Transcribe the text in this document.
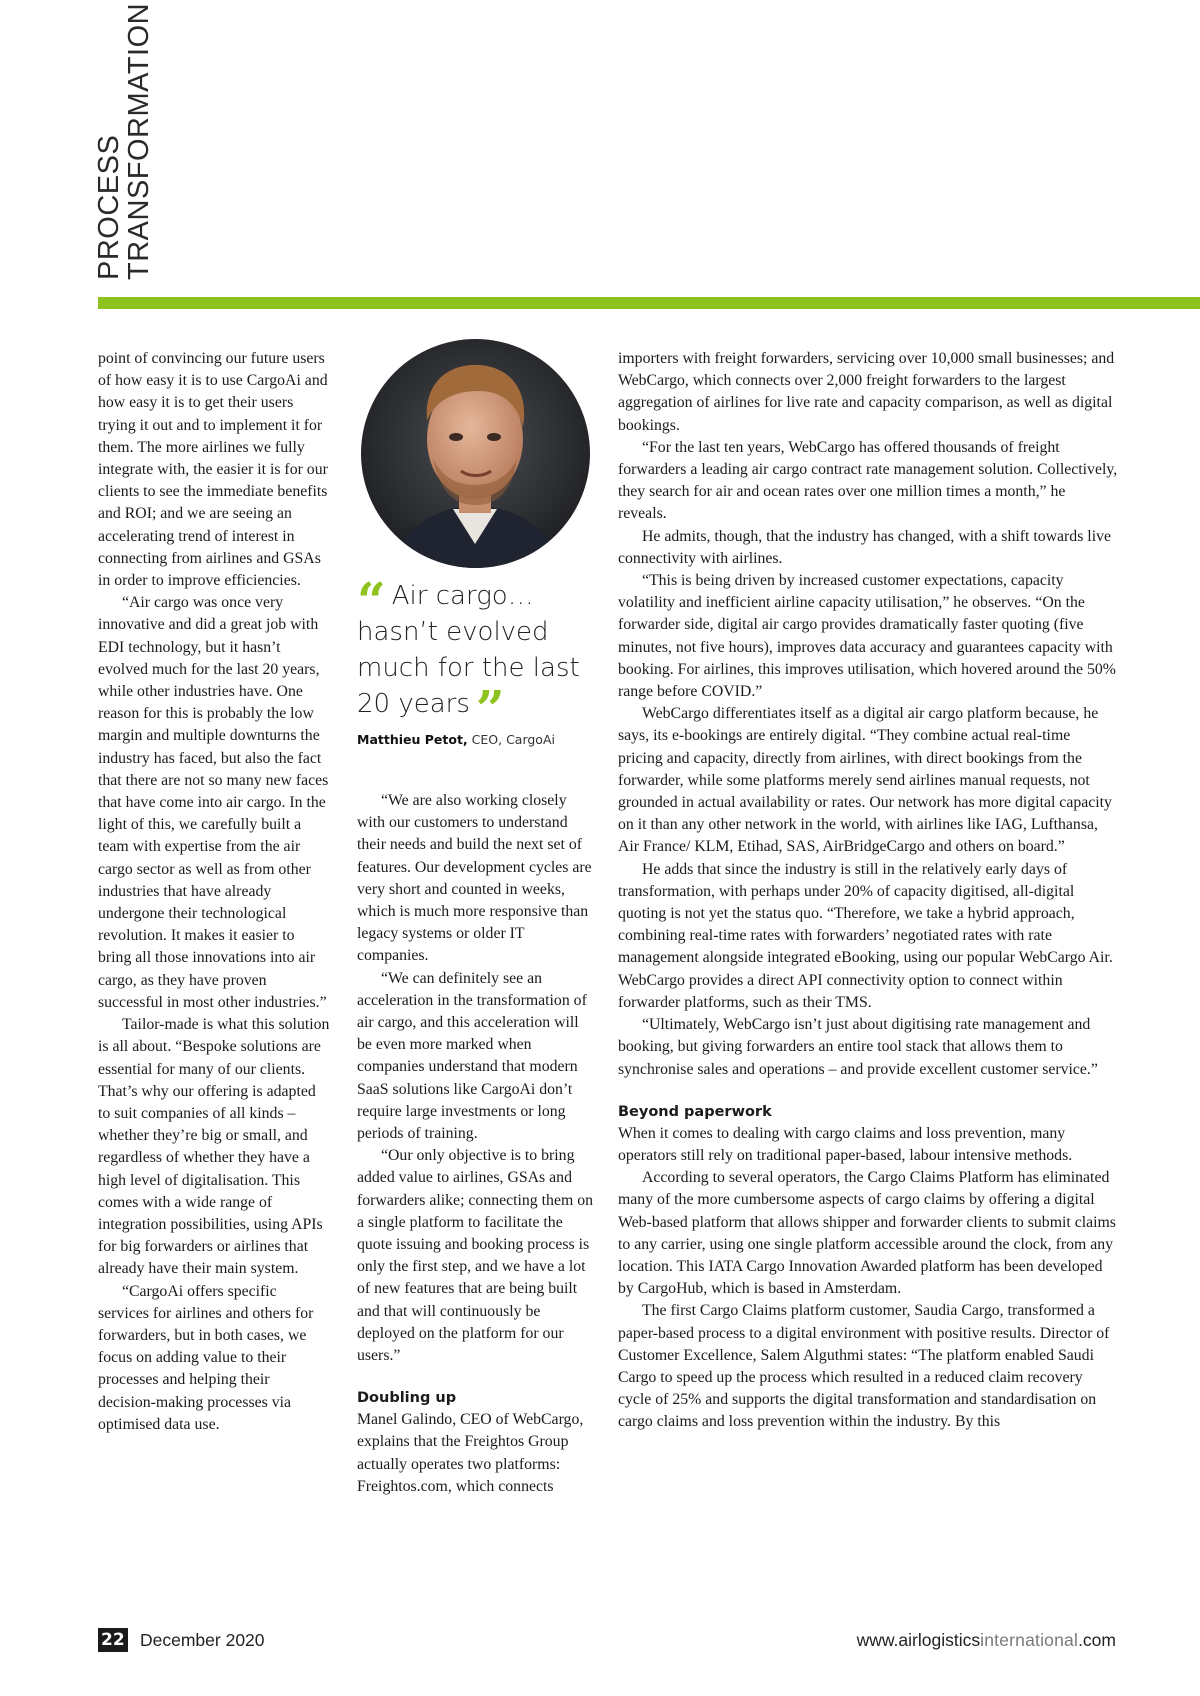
PROCESS
TRANSFORMATION

point of convincing our future users of how easy it is to use CargoAi and how easy it is to get their users trying it out and to implement it for them. The more airlines we fully integrate with, the easier it is for our clients to see the immediate benefits and ROI; and we are seeing an accelerating trend of interest in connecting from airlines and GSAs in order to improve efficiencies.

“Air cargo was once very innovative and did a great job with EDI technology, but it hasn’t evolved much for the last 20 years, while other industries have. One reason for this is probably the low margin and multiple downturns the industry has faced, but also the fact that there are not so many new faces that have come into air cargo. In the light of this, we carefully built a team with expertise from the air cargo sector as well as from other industries that have already undergone their technological revolution. It makes it easier to bring all those innovations into air cargo, as they have proven successful in most other industries.”

Tailor-made is what this solution is all about. “Bespoke solutions are essential for many of our clients. That’s why our offering is adapted to suit companies of all kinds – whether they’re big or small, and regardless of whether they have a high level of digitalisation. This comes with a wide range of integration possibilities, using APIs for big forwarders or airlines that already have their main system.

“CargoAi offers specific services for airlines and others for forwarders, but in both cases, we focus on adding value to their processes and helping their decision-making processes via optimised data use.

“ Air cargo… hasn’t evolved much for the last 20 years ”
Matthieu Petot, CEO, CargoAi

“We are also working closely with our customers to understand their needs and build the next set of features. Our development cycles are very short and counted in weeks, which is much more responsive than legacy systems or older IT companies.

“We can definitely see an acceleration in the transformation of air cargo, and this acceleration will be even more marked when companies understand that modern SaaS solutions like CargoAi don’t require large investments or long periods of training.

“Our only objective is to bring added value to airlines, GSAs and forwarders alike; connecting them on a single platform to facilitate the quote issuing and booking process is only the first step, and we have a lot of new features that are being built and that will continuously be deployed on the platform for our users.”

Doubling up

Manel Galindo, CEO of WebCargo, explains that the Freightos Group actually operates two platforms: Freightos.com, which connects

importers with freight forwarders, servicing over 10,000 small businesses; and WebCargo, which connects over 2,000 freight forwarders to the largest aggregation of airlines for live rate and capacity comparison, as well as digital bookings.

“For the last ten years, WebCargo has offered thousands of freight forwarders a leading air cargo contract rate management solution. Collectively, they search for air and ocean rates over one million times a month,” he reveals.

He admits, though, that the industry has changed, with a shift towards live connectivity with airlines.

“This is being driven by increased customer expectations, capacity volatility and inefficient airline capacity utilisation,” he observes. “On the forwarder side, digital air cargo provides dramatically faster quoting (five minutes, not five hours), improves data accuracy and guarantees capacity with booking. For airlines, this improves utilisation, which hovered around the 50% range before COVID.”

WebCargo differentiates itself as a digital air cargo platform because, he says, its e-bookings are entirely digital. “They combine actual real-time pricing and capacity, directly from airlines, with direct bookings from the forwarder, while some platforms merely send airlines manual requests, not grounded in actual availability or rates. Our network has more digital capacity on it than any other network in the world, with airlines like IAG, Lufthansa, Air France/ KLM, Etihad, SAS, AirBridgeCargo and others on board.”

He adds that since the industry is still in the relatively early days of transformation, with perhaps under 20% of capacity digitised, all-digital quoting is not yet the status quo. “Therefore, we take a hybrid approach, combining real-time rates with forwarders’ negotiated rates with rate management alongside integrated eBooking, using our popular WebCargo Air. WebCargo provides a direct API connectivity option to connect within forwarder platforms, such as their TMS.

“Ultimately, WebCargo isn’t just about digitising rate management and booking, but giving forwarders an entire tool stack that allows them to synchronise sales and operations – and provide excellent customer service.”

Beyond paperwork

When it comes to dealing with cargo claims and loss prevention, many operators still rely on traditional paper-based, labour intensive methods.

According to several operators, the Cargo Claims Platform has eliminated many of the more cumbersome aspects of cargo claims by offering a digital Web-based platform that allows shipper and forwarder clients to submit claims to any carrier, using one single platform accessible around the clock, from any location. This IATA Cargo Innovation Awarded platform has been developed by CargoHub, which is based in Amsterdam.

The first Cargo Claims platform customer, Saudia Cargo, transformed a paper-based process to a digital environment with positive results. Director of Customer Excellence, Salem Alguthmi states: “The platform enabled Saudi Cargo to speed up the process which resulted in a reduced claim recovery cycle of 25% and supports the digital transformation and standardisation on cargo claims and loss prevention within the industry. By this

22 December 2020	www.airlogisticsinternational.com
